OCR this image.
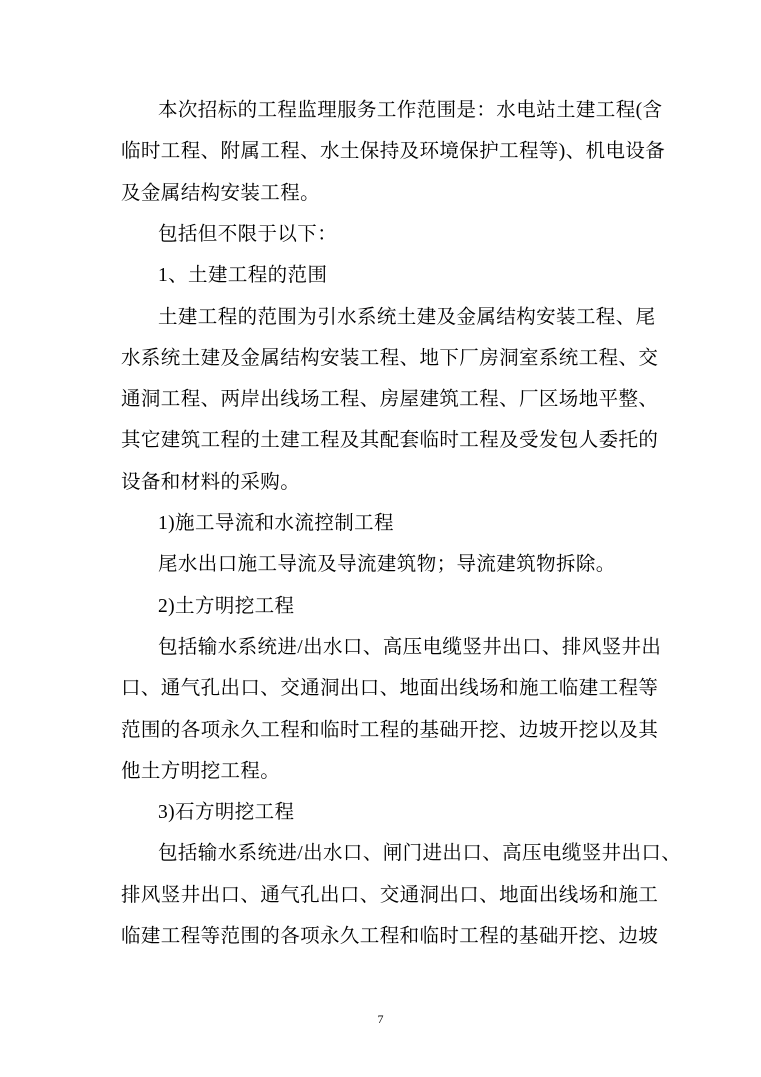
本次招标的工程监理服务工作范围是：水电站土建工程(含
临时工程、附属工程、水土保持及环境保护工程等)、机电设备
及金属结构安装工程。
包括但不限于以下：
1、土建工程的范围
土建工程的范围为引水系统土建及金属结构安装工程、尾
水系统土建及金属结构安装工程、地下厂房洞室系统工程、交
通洞工程、两岸出线场工程、房屋建筑工程、厂区场地平整、
其它建筑工程的土建工程及其配套临时工程及受发包人委托的
设备和材料的采购。
1)施工导流和水流控制工程
尾水出口施工导流及导流建筑物；导流建筑物拆除。
2)土方明挖工程
包括输水系统进/出水口、高压电缆竖井出口、排风竖井出
口、通气孔出口、交通洞出口、地面出线场和施工临建工程等
范围的各项永久工程和临时工程的基础开挖、边坡开挖以及其
他土方明挖工程。
3)石方明挖工程
包括输水系统进/出水口、闸门进出口、高压电缆竖井出口、
排风竖井出口、通气孔出口、交通洞出口、地面出线场和施工
临建工程等范围的各项永久工程和临时工程的基础开挖、边坡
7
